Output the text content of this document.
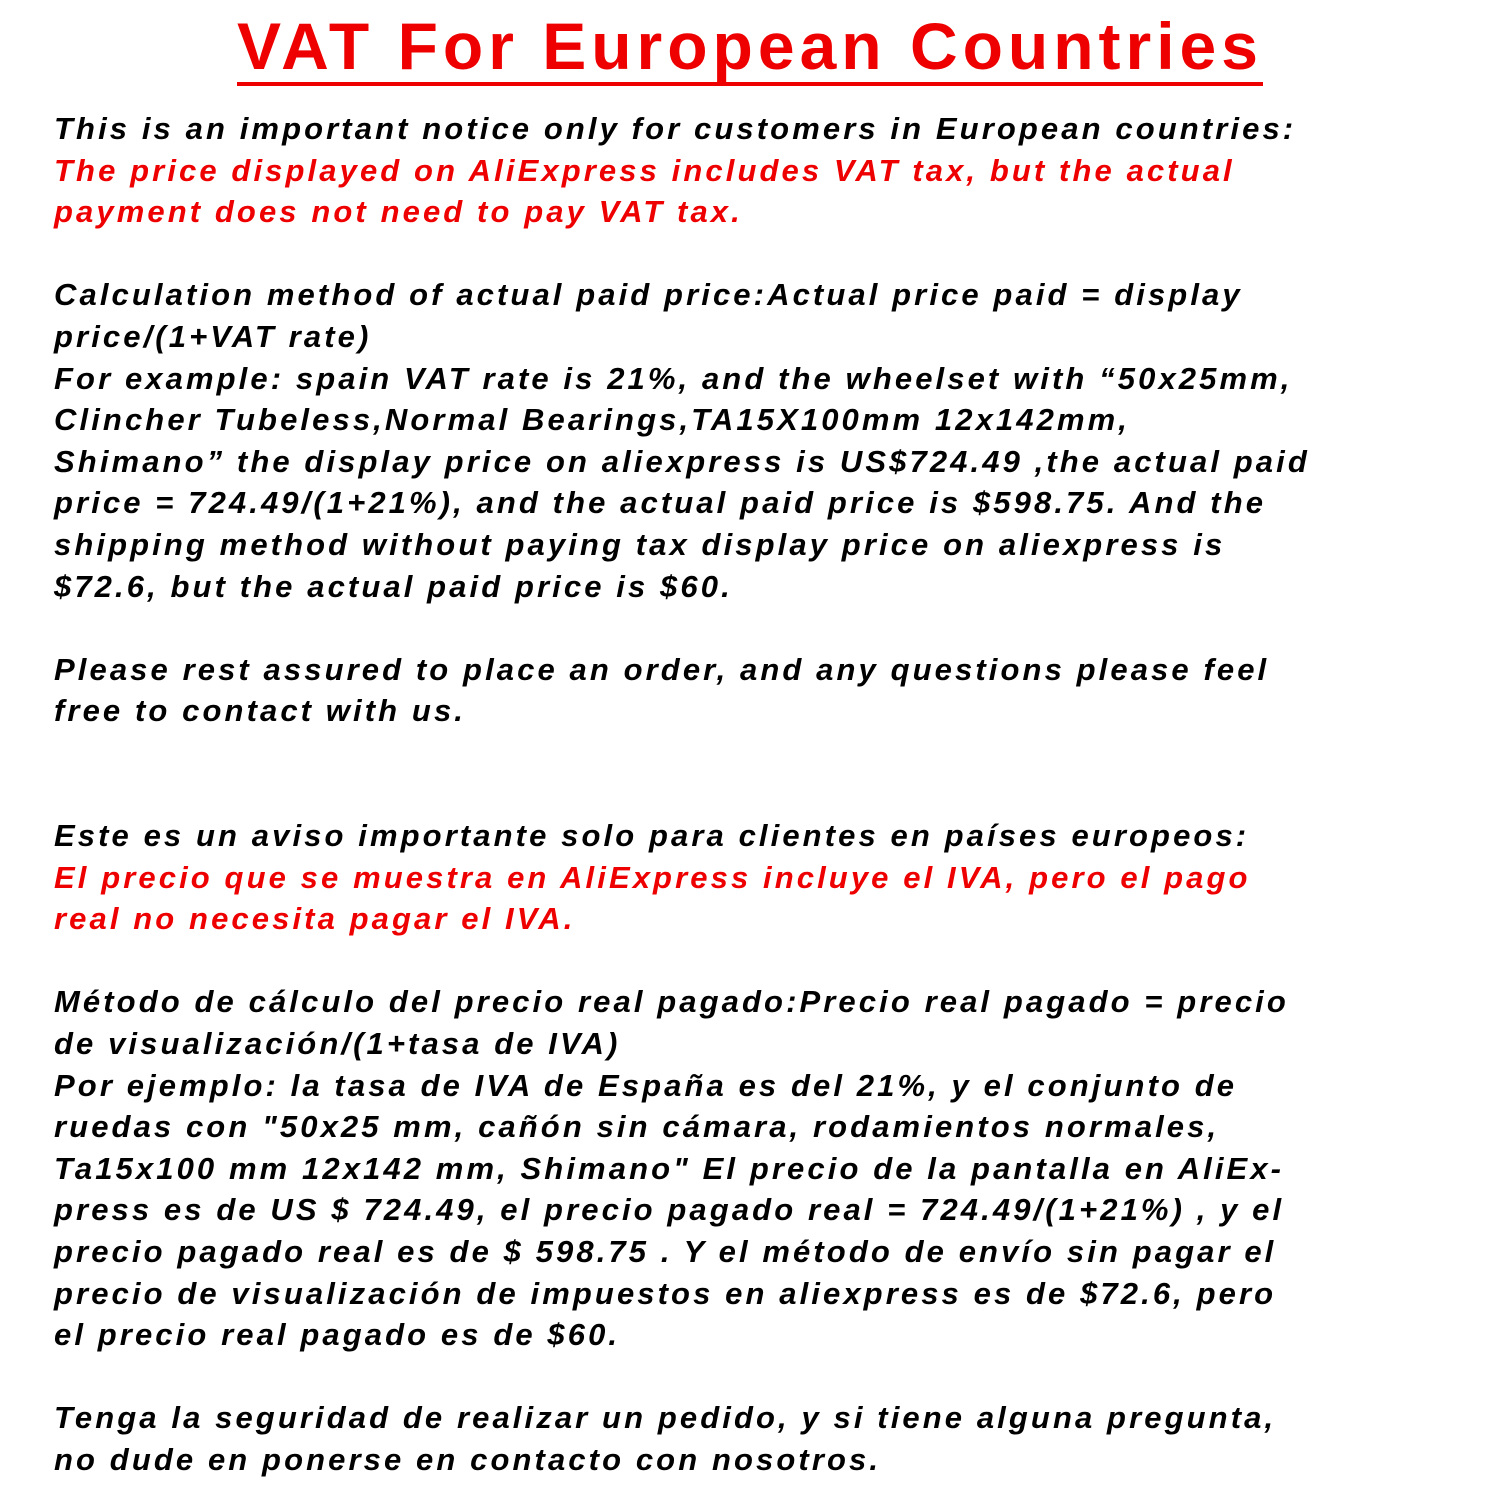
VAT For European Countries
This is an important notice only for customers in European countries:
The price displayed on AliExpress includes VAT tax, but the actual
payment does not need to pay VAT tax.
Calculation method of actual paid price:Actual price paid = display
price/(1+VAT rate)
For example: spain VAT rate is 21%, and the wheelset with “50x25mm,
Clincher Tubeless,Normal Bearings,TA15X100mm 12x142mm,
Shimano” the display price on aliexpress is US$724.49 ,the actual paid
price = 724.49/(1+21%), and the actual paid price is $598.75. And the
shipping method without paying tax display price on aliexpress is
$72.6, but the actual paid price is $60.
Please rest assured to place an order, and any questions please feel
free to contact with us.
Este es un aviso importante solo para clientes en países europeos:
El precio que se muestra en AliExpress incluye el IVA, pero el pago
real no necesita pagar el IVA.
Método de cálculo del precio real pagado:Precio real pagado = precio
de visualización/(1+tasa de IVA)
Por ejemplo: la tasa de IVA de España es del 21%, y el conjunto de
ruedas con "50x25 mm, cañón sin cámara, rodamientos normales,
Ta15x100 mm 12x142 mm, Shimano" El precio de la pantalla en AliEx-
press es de US $ 724.49, el precio pagado real = 724.49/(1+21%) , y el
precio pagado real es de $ 598.75 . Y el método de envío sin pagar el
precio de visualización de impuestos en aliexpress es de $72.6, pero
el precio real pagado es de $60.
Tenga la seguridad de realizar un pedido, y si tiene alguna pregunta,
no dude en ponerse en contacto con nosotros.
